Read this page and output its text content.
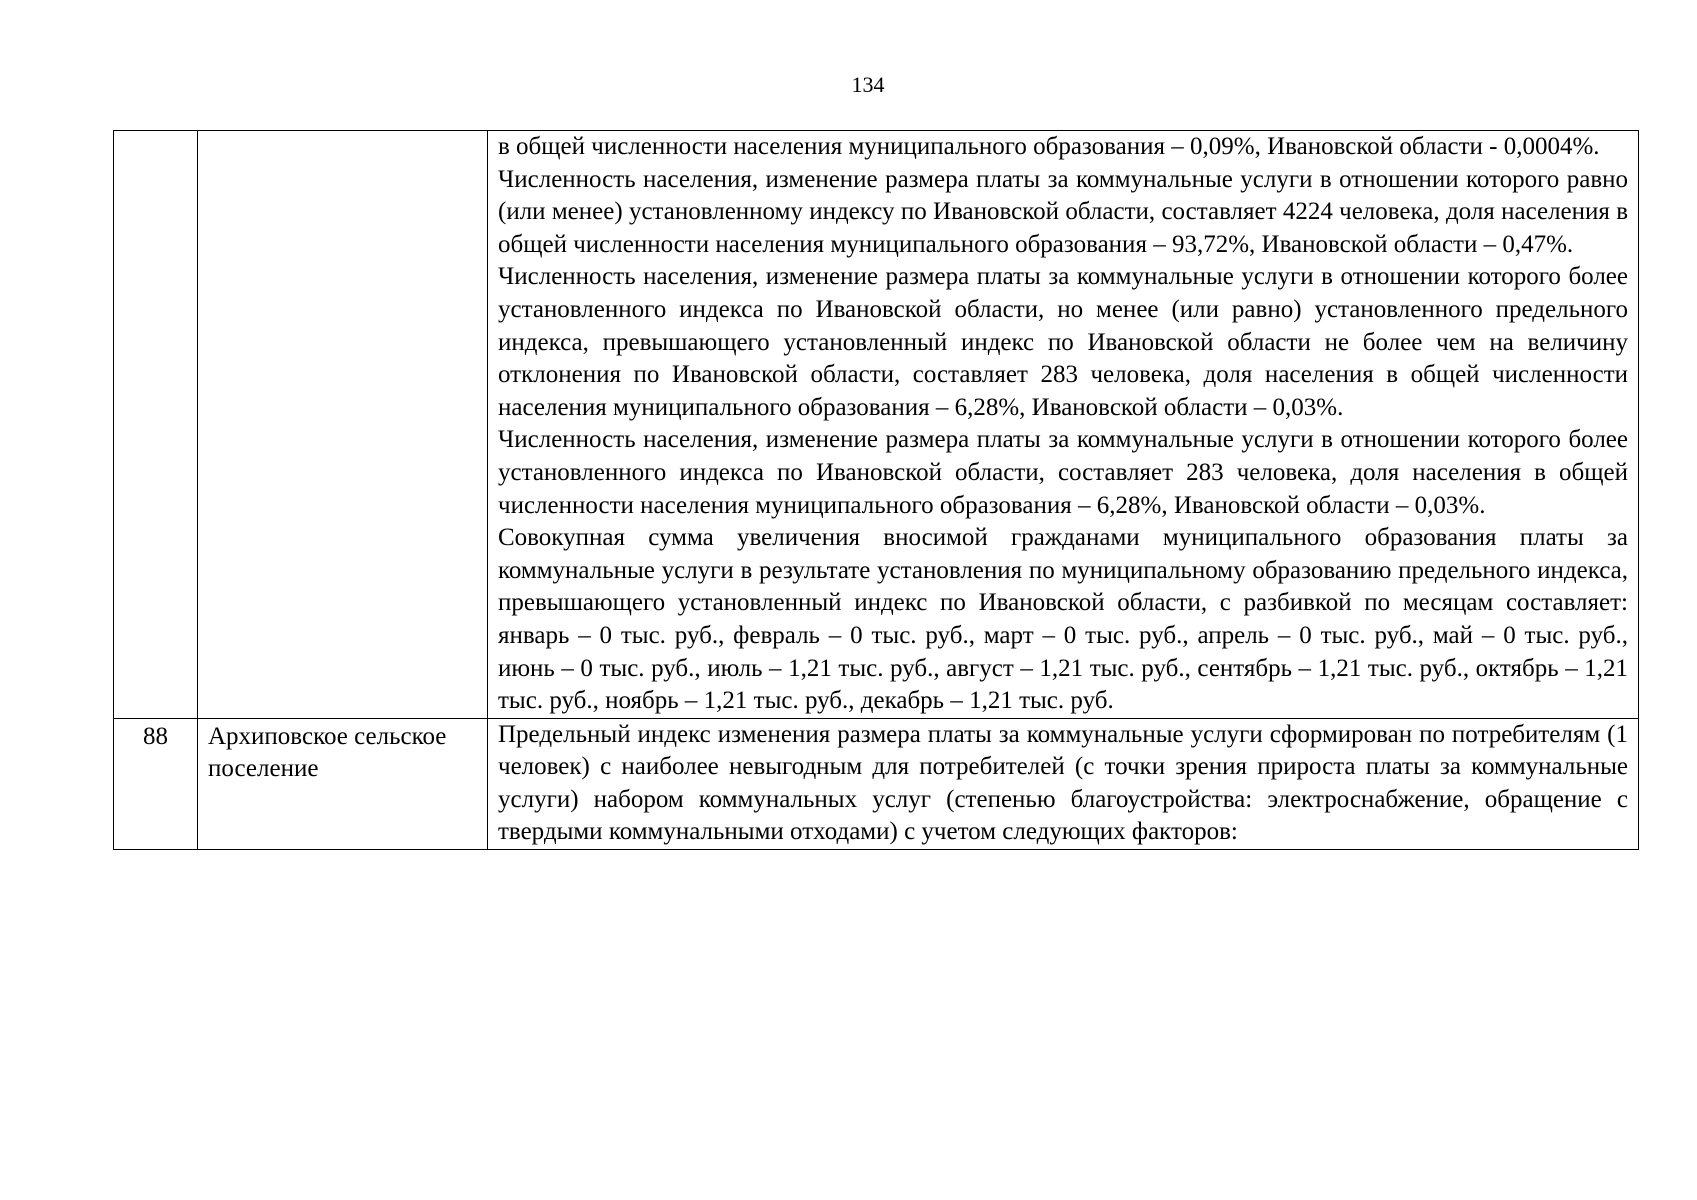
134

		в общей численности населения муниципального образования – 0,09%, Ивановской области - 0,0004%.

Численность населения, изменение размера платы за коммунальные услуги в отношении которого равно (или менее) установленному индексу по Ивановской области, составляет 4224 человека, доля населения в общей численности населения муниципального образования – 93,72%, Ивановской области – 0,47%.

Численность населения, изменение размера платы за коммунальные услуги в отношении которого более установленного индекса по Ивановской области, но менее (или равно) установленного предельного индекса, превышающего установленный индекс по Ивановской области не более чем на величину отклонения по Ивановской области, составляет 283 человека, доля населения в общей численности населения муниципального образования – 6,28%, Ивановской области – 0,03%.

Численность населения, изменение размера платы за коммунальные услуги в отношении которого более установленного индекса по Ивановской области, составляет 283 человека, доля населения в общей численности населения муниципального образования – 6,28%, Ивановской области – 0,03%.

Совокупная сумма увеличения вносимой гражданами муниципального образования платы за коммунальные услуги в результате установления по муниципальному образованию предельного индекса, превышающего установленный индекс по Ивановской области, с разбивкой по месяцам составляет: январь – 0 тыс. руб., февраль – 0 тыс. руб., март – 0 тыс. руб., апрель – 0 тыс. руб., май – 0 тыс. руб., июнь – 0 тыс. руб., июль – 1,21 тыс. руб., август – 1,21 тыс. руб., сентябрь – 1,21 тыс. руб., октябрь – 1,21 тыс. руб., ноябрь – 1,21 тыс. руб., декабрь – 1,21 тыс. руб.

88	Архиповское сельское поселение	Предельный индекс изменения размера платы за коммунальные услуги сформирован по потребителям (1 человек) с наиболее невыгодным для потребителей (с точки зрения прироста платы за коммунальные услуги) набором коммунальных услуг (степенью благоустройства: электроснабжение, обращение с твердыми коммунальными отходами) с учетом следующих факторов:
